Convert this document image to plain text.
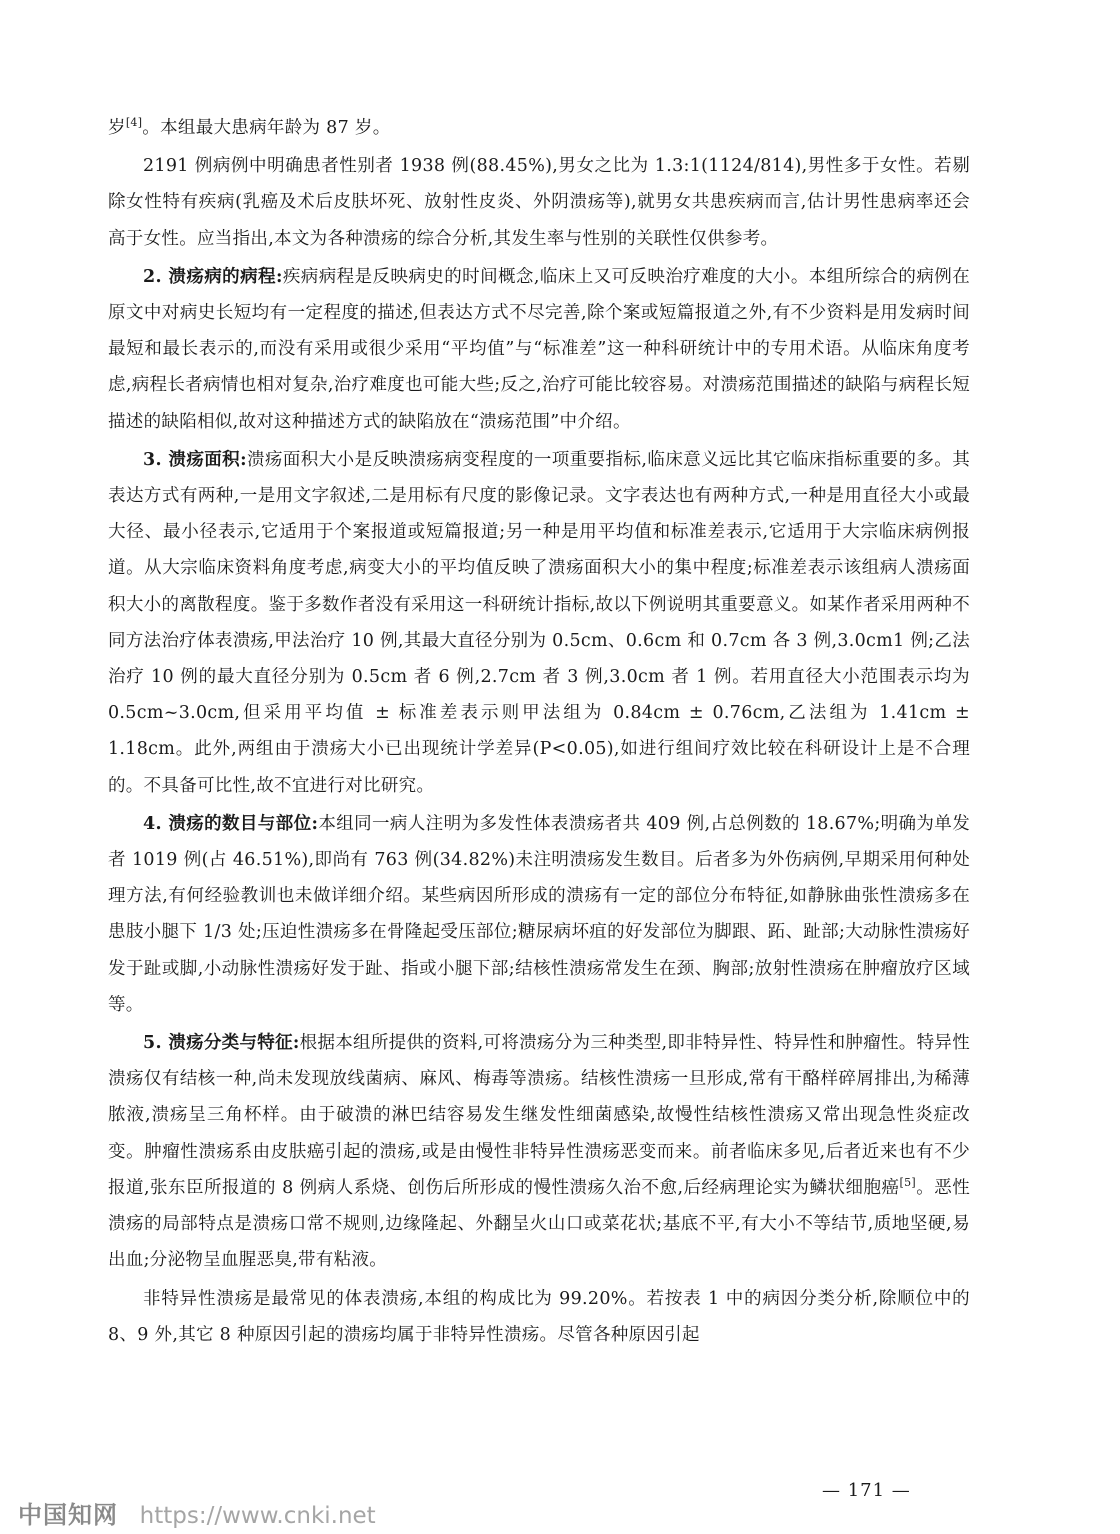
岁[4]。本组最大患病年龄为 87 岁。

2191 例病例中明确患者性别者 1938 例(88.45%),男女之比为 1.3:1(1124/814),男性多于女性。若剔除女性特有疾病(乳癌及术后皮肤坏死、放射性皮炎、外阴溃疡等),就男女共患疾病而言,估计男性患病率还会高于女性。应当指出,本文为各种溃疡的综合分析,其发生率与性别的关联性仅供参考。

2. 溃疡病的病程:疾病病程是反映病史的时间概念,临床上又可反映治疗难度的大小。本组所综合的病例在原文中对病史长短均有一定程度的描述,但表达方式不尽完善,除个案或短篇报道之外,有不少资料是用发病时间最短和最长表示的,而没有采用或很少采用“平均值”与“标准差”这一种科研统计中的专用术语。从临床角度考虑,病程长者病情也相对复杂,治疗难度也可能大些;反之,治疗可能比较容易。对溃疡范围描述的缺陷与病程长短描述的缺陷相似,故对这种描述方式的缺陷放在“溃疡范围”中介绍。

3. 溃疡面积:溃疡面积大小是反映溃疡病变程度的一项重要指标,临床意义远比其它临床指标重要的多。其表达方式有两种,一是用文字叙述,二是用标有尺度的影像记录。文字表达也有两种方式,一种是用直径大小或最大径、最小径表示,它适用于个案报道或短篇报道;另一种是用平均值和标准差表示,它适用于大宗临床病例报道。从大宗临床资料角度考虑,病变大小的平均值反映了溃疡面积大小的集中程度;标准差表示该组病人溃疡面积大小的离散程度。鉴于多数作者没有采用这一科研统计指标,故以下例说明其重要意义。如某作者采用两种不同方法治疗体表溃疡,甲法治疗 10 例,其最大直径分别为 0.5cm、0.6cm 和 0.7cm 各 3 例,3.0cm1 例;乙法治疗 10 例的最大直径分别为 0.5cm 者 6 例,2.7cm 者 3 例,3.0cm 者 1 例。若用直径大小范围表示均为 0.5cm~3.0cm,但采用平均值 ± 标准差表示则甲法组为 0.84cm ± 0.76cm,乙法组为 1.41cm ± 1.18cm。此外,两组由于溃疡大小已出现统计学差异(P<0.05),如进行组间疗效比较在科研设计上是不合理的。不具备可比性,故不宜进行对比研究。

4. 溃疡的数目与部位:本组同一病人注明为多发性体表溃疡者共 409 例,占总例数的 18.67%;明确为单发者 1019 例(占 46.51%),即尚有 763 例(34.82%)未注明溃疡发生数目。后者多为外伤病例,早期采用何种处理方法,有何经验教训也未做详细介绍。某些病因所形成的溃疡有一定的部位分布特征,如静脉曲张性溃疡多在患肢小腿下 1/3 处;压迫性溃疡多在骨隆起受压部位;糖尿病坏疽的好发部位为脚跟、跖、趾部;大动脉性溃疡好发于趾或脚,小动脉性溃疡好发于趾、指或小腿下部;结核性溃疡常发生在颈、胸部;放射性溃疡在肿瘤放疗区域等。

5. 溃疡分类与特征:根据本组所提供的资料,可将溃疡分为三种类型,即非特异性、特异性和肿瘤性。特异性溃疡仅有结核一种,尚未发现放线菌病、麻风、梅毒等溃疡。结核性溃疡一旦形成,常有干酪样碎屑排出,为稀薄脓液,溃疡呈三角杯样。由于破溃的淋巴结容易发生继发性细菌感染,故慢性结核性溃疡又常出现急性炎症改变。肿瘤性溃疡系由皮肤癌引起的溃疡,或是由慢性非特异性溃疡恶变而来。前者临床多见,后者近来也有不少报道,张东臣所报道的 8 例病人系烧、创伤后所形成的慢性溃疡久治不愈,后经病理论实为鳞状细胞癌[5]。恶性溃疡的局部特点是溃疡口常不规则,边缘隆起、外翻呈火山口或菜花状;基底不平,有大小不等结节,质地坚硬,易出血;分泌物呈血腥恶臭,带有粘液。

非特异性溃疡是最常见的体表溃疡,本组的构成比为 99.20%。若按表 1 中的病因分类分析,除顺位中的 8、9 外,其它 8 种原因引起的溃疡均属于非特异性溃疡。尽管各种原因引起

— 171 —
中国知网 https://www.cnki.net
